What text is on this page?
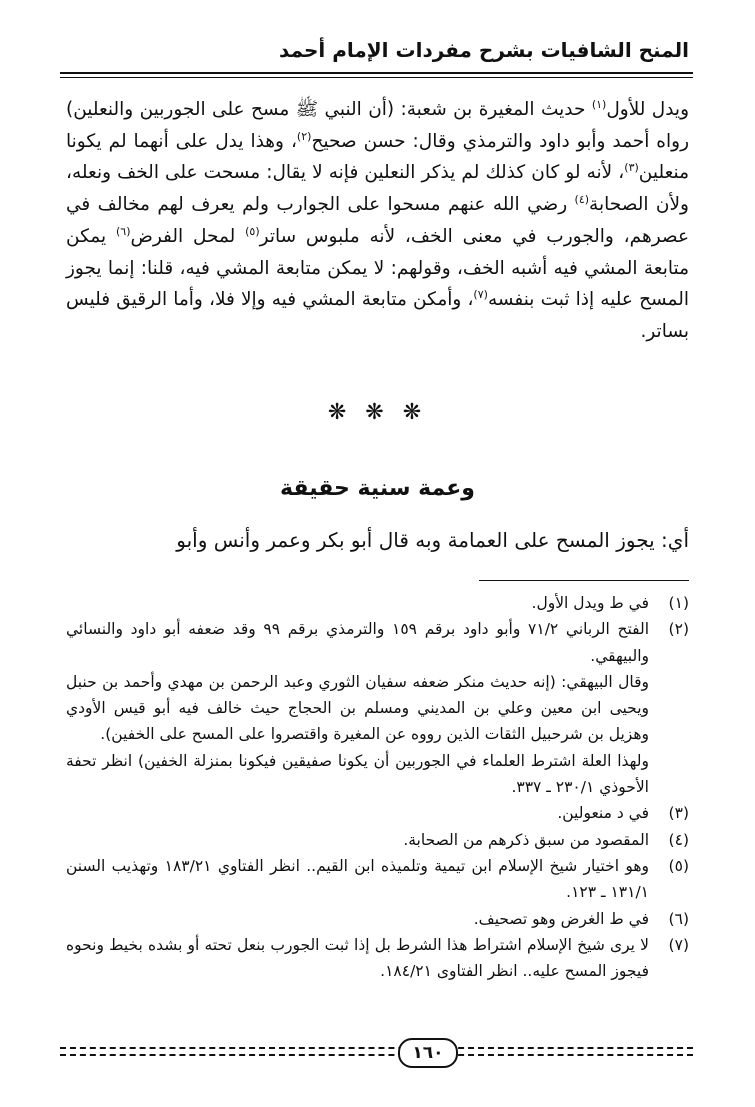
المنح الشافيات بشرح مفردات الإمام أحمد
ويدل للأول$^{(١)}$ حديث المغيرة بن شعبة: (أن النبي ﷺ مسح على الجوربين والنعلين) رواه أحمد وأبو داود والترمذي وقال: حسن صحيح$^{(٢)}$، وهذا يدل على أنهما لم يكونا منعلين$^{(٣)}$، لأنه لو كان كذلك لم يذكر النعلين فإنه لا يقال: مسحت على الخف ونعله، ولأن الصحابة$^{(٤)}$ رضي الله عنهم مسحوا على الجوارب ولم يعرف لهم مخالف في عصرهم، والجورب في معنى الخف، لأنه ملبوس ساتر$^{(٥)}$ لمحل الفرض$^{(٦)}$ يمكن متابعة المشي فيه أشبه الخف، وقولهم: لا يمكن متابعة المشي فيه، قلنا: إنما يجوز المسح عليه إذا ثبت بنفسه$^{(٧)}$، وأمكن متابعة المشي فيه وإلا فلا، وأما الرقيق فليس بساتر.
❋ ❋ ❋
وعمة سنية حقيقة
أي: يجوز المسح على العمامة وبه قال أبو بكر وعمر وأنس وأبو
(١)
في ط ويدل الأول.
(٢)
الفتح الرباني ٧١/٢ وأبو داود برقم ١٥٩ والترمذي برقم ٩٩ وقد ضعفه أبو داود والنسائي والبيهقي.
وقال البيهقي: (إنه حديث منكر ضعفه سفيان الثوري وعبد الرحمن بن مهدي وأحمد بن حنبل ويحيى ابن معين وعلي بن المديني ومسلم بن الحجاج حيث خالف فيه أبو قيس الأودي وهزيل بن شرحبيل الثقات الذين رووه عن المغيرة واقتصروا على المسح على الخفين).
ولهذا العلة اشترط العلماء في الجوربين أن يكونا صفيقين فيكونا بمنزلة الخفين) انظر تحفة الأحوذي ٢٣٠/١ ـ ٣٣٧.
(٣)
في د منعولين.
(٤)
المقصود من سبق ذكرهم من الصحابة.
(٥)
وهو اختيار شيخ الإسلام ابن تيمية وتلميذه ابن القيم.. انظر الفتاوي ١٨٣/٢١ وتهذيب السنن ١٣١/١ ـ ١٢٣.
(٦)
في ط الغرض وهو تصحيف.
(٧)
لا يرى شيخ الإسلام اشتراط هذا الشرط بل إذا ثبت الجورب بنعل تحته أو بشده بخيط ونحوه فيجوز المسح عليه.. انظر الفتاوى ١٨٤/٢١.
١٦٠
